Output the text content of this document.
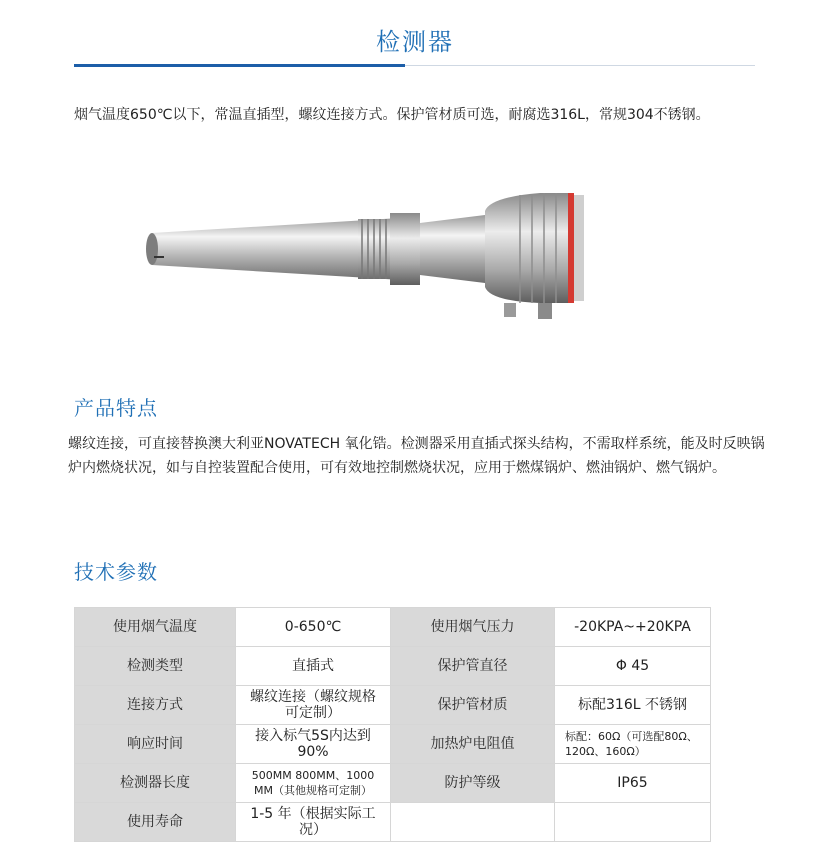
检测器
烟气温度650℃以下，常温直插型，螺纹连接方式。保护管材质可选，耐腐选316L，常规304不锈钢。
产品特点
螺纹连接，可直接替换澳大利亚NOVATECH 氧化锆。检测器采用直插式探头结构，不需取样系统，能及时反映锅炉内燃烧状况，如与自控装置配合使用，可有效地控制燃烧状况，应用于燃煤锅炉、燃油锅炉、燃气锅炉。
技术参数
使用烟气温度	0-650℃	使用烟气压力	-20KPA~+20KPA
检测类型	直插式	保护管直径	Φ 45
连接方式	螺纹连接（螺纹规格可定制）	保护管材质	标配316L 不锈钢
响应时间	接入标气5S内达到90%	加热炉电阻值	标配：60Ω（可选配80Ω、120Ω、160Ω）
检测器长度	500MM 800MM、1000 MM（其他规格可定制）	防护等级	IP65
使用寿命	1-5 年（根据实际工况）		
